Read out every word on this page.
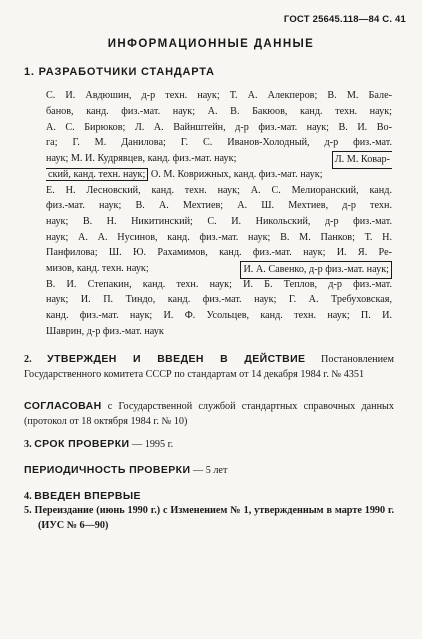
ГОСТ 25645.118—84 С. 41
ИНФОРМАЦИОННЫЕ ДАННЫЕ
1. РАЗРАБОТЧИКИ СТАНДАРТА
С. И. Авдюшин, д-р техн. наук; Т. А. Алекперов; В. М. Бале-
банов, канд. физ.-мат. наук; А. В. Бакюов, канд. техн. наук;
А. С. Бирюков; Л. А. Вайнштейн, д-р физ.-мат. наук; В. И. Во-
га; Г. М. Данилова; Г. С. Иванов-Холодный, д-р физ.-мат.
наук; М. И. Кудрявцев, канд. физ.-мат. наук;	Л. М. Ковар-
ский, канд. техн. наук; О. М. Коврижных, канд. физ.-мат. наук;
Е. Н. Лесновский, канд. техн. наук; А. С. Мелиоранский, канд.
физ.-мат. наук; В. А. Мехтиев; А. Ш. Мехтиев, д-р техн.
наук; В. Н. Никитинский; С. И. Никольский, д-р физ.-мат.
наук; А. А. Нусинов, канд. физ.-мат. наук; В. М. Панков; Т. Н.
Панфилова; Ш. Ю. Рахамимов, канд. физ.-мат. наук; И. Я. Ре-
мизов, канд. техн. наук;	И. А. Савенко, д-р физ.-мат. наук;
В. И. Степакин, канд. техн. наук; И. Б. Теплов, д-р физ.-мат.
наук; И. П. Тиндо, канд. физ.-мат. наук; Г. А. Требуховская,
канд. физ.-мат. наук; И. Ф. Усольцев, канд. техн. наук; П. И.
Шаврин, д-р физ.-мат. наук
2. УТВЕРЖДЕН И ВВЕДЕН В ДЕЙСТВИЕ Постановлением Государственного комитета СССР по стандартам от 14 декабря 1984 г. № 4351
СОГЛАСОВАН с Государственной службой стандартных справочных данных (протокол от 18 октября 1984 г. № 10)
3. СРОК ПРОВЕРКИ — 1995 г.
ПЕРИОДИЧНОСТЬ ПРОВЕРКИ — 5 лет
4. ВВЕДЕН ВПЕРВЫЕ
5. Переиздание (июнь 1990 г.) с Изменением № 1, утвержденным в марте 1990 г. (ИУС № 6—90)
